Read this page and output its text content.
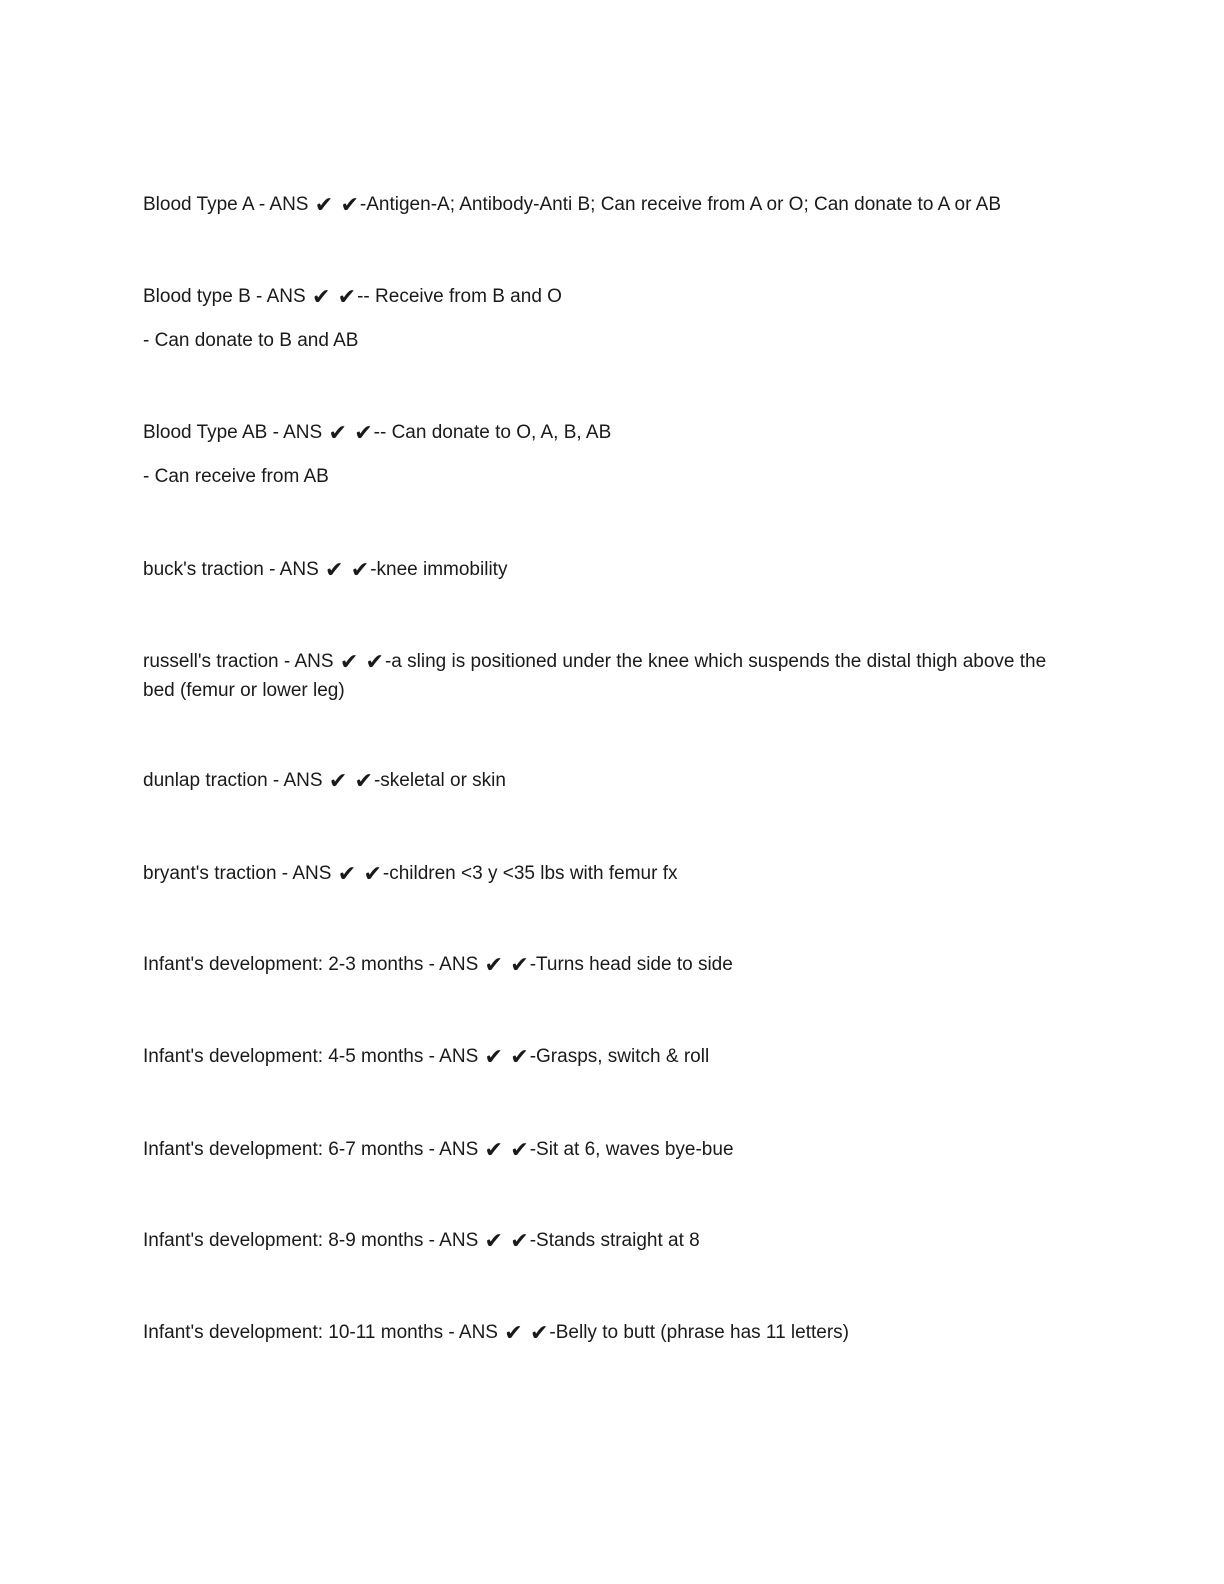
Blood Type A - ANS ✔ ✔-Antigen-A; Antibody-Anti B; Can receive from A or O; Can donate to A or AB

Blood type B - ANS ✔ ✔-- Receive from B and O
- Can donate to B and AB

Blood Type AB - ANS ✔ ✔-- Can donate to O, A, B, AB
- Can receive from AB

buck's traction - ANS ✔ ✔-knee immobility

russell's traction - ANS ✔ ✔-a sling is positioned under the knee which suspends the distal thigh above the bed (femur or lower leg)

dunlap traction - ANS ✔ ✔-skeletal or skin

bryant's traction - ANS ✔ ✔-children <3 y <35 lbs with femur fx

Infant's development: 2-3 months - ANS ✔ ✔-Turns head side to side

Infant's development: 4-5 months - ANS ✔ ✔-Grasps, switch & roll

Infant's development: 6-7 months - ANS ✔ ✔-Sit at 6, waves bye-bue

Infant's development: 8-9 months - ANS ✔ ✔-Stands straight at 8

Infant's development: 10-11 months - ANS ✔ ✔-Belly to butt (phrase has 11 letters)
